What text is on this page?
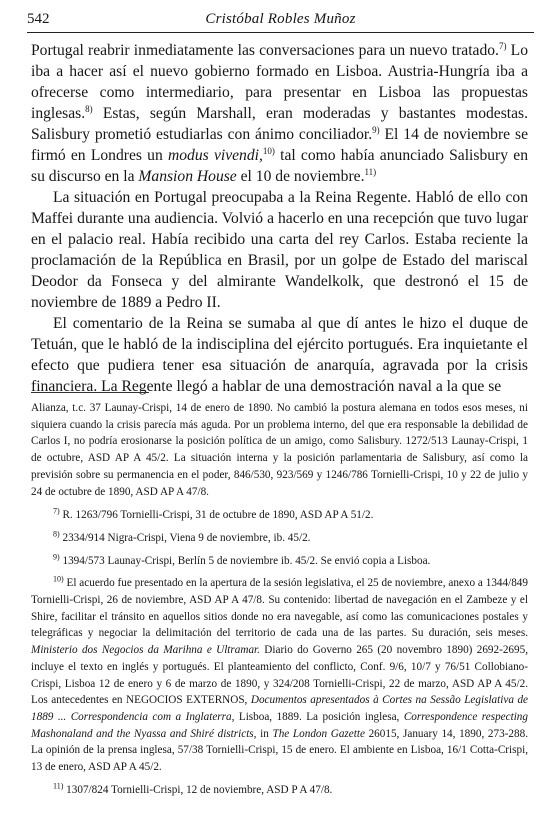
542	Cristóbal Robles Muñoz

Portugal reabrir inmediatamente las conversaciones para un nuevo tratado.$^{7)}$ Lo iba a hacer así el nuevo gobierno formado en Lisboa. Austria-Hungría iba a ofrecerse como intermediario, para presentar en Lisboa las propuestas inglesas.$^{8)}$ Estas, según Marshall, eran moderadas y bastantes modestas. Salisbury prometió estudiarlas con ánimo conciliador.$^{9)}$ El 14 de noviembre se firmó en Londres un modus vivendi,$^{10)}$ tal como había anunciado Salisbury en su discurso en la Mansion House el 10 de noviembre.$^{11)}$

La situación en Portugal preocupaba a la Reina Regente. Habló de ello con Maffei durante una audiencia. Volvió a hacerlo en una recepción que tuvo lugar en el palacio real. Había recibido una carta del rey Carlos. Estaba reciente la proclamación de la República en Brasil, por un golpe de Estado del mariscal Deodor da Fonseca y del almirante Wandelkolk, que destronó el 15 de noviembre de 1889 a Pedro II.

El comentario de la Reina se sumaba al que dí antes le hizo el duque de Tetuán, que le habló de la indisciplina del ejército portugués. Era inquietante el efecto que pudiera tener esa situación de anarquía, agravada por la crisis financiera. La Regente llegó a hablar de una demostración naval a la que se

Alianza, t.c. 37 Launay-Crispi, 14 de enero de 1890. No cambió la postura alemana en todos esos meses, ni siquiera cuando la crisis parecía más aguda. Por un problema interno, del que era responsable la debilidad de Carlos I, no podría erosionarse la posición política de un amigo, como Salisbury. 1272/513 Launay-Crispi, 1 de octubre, ASD AP A 45/2. La situación interna y la posición parlamentaria de Salisbury, así como la previsión sobre su permanencia en el poder, 846/530, 923/569 y 1246/786 Tornielli-Crispi, 10 y 22 de julio y 24 de octubre de 1890, ASD AP A 47/8.

$^{7)}$ R. 1263/796 Tornielli-Crispi, 31 de octubre de 1890, ASD AP A 51/2.

$^{8)}$ 2334/914 Nigra-Crispi, Viena 9 de noviembre, ib. 45/2.

$^{9)}$ 1394/573 Launay-Crispi, Berlín 5 de noviembre ib. 45/2. Se envió copia a Lisboa.

$^{10)}$ El acuerdo fue presentado en la apertura de la sesión legislativa, el 25 de noviembre, anexo a 1344/849 Tornielli-Crispi, 26 de noviembre, ASD AP A 47/8. Su contenido: libertad de navegación en el Zambeze y el Shire, facilitar el tránsito en aquellos sitios donde no era navegable, así como las comunicaciones postales y telegráficas y negociar la delimitación del territorio de cada una de las partes. Su duración, seis meses. Ministerio dos Negocios da Marihna e Ultramar. Diario do Governo 265 (20 novembro 1890) 2692-2695, incluye el texto en inglés y portugués. El planteamiento del conflicto, Conf. 9/6, 10/7 y 76/51 Collobiano-Crispi, Lisboa 12 de enero y 6 de marzo de 1890, y 324/208 Tornielli-Crispi, 22 de marzo, ASD AP A 45/2. Los antecedentes en NEGOCIOS EXTERNOS, Documentos apresentados à Cortes na Sessão Legislativa de 1889 ... Correspondencia com a Inglaterra, Lisboa, 1889. La posición inglesa, Correspondence respecting Mashonaland and the Nyassa and Shiré districts, in The London Gazette 26015, January 14, 1890, 273-288. La opinión de la prensa inglesa, 57/38 Tornielli-Crispi, 15 de enero. El ambiente en Lisboa, 16/1 Cotta-Crispi, 13 de enero, ASD AP A 45/2.

$^{11)}$ 1307/824 Tornielli-Crispi, 12 de noviembre, ASD P A 47/8.
